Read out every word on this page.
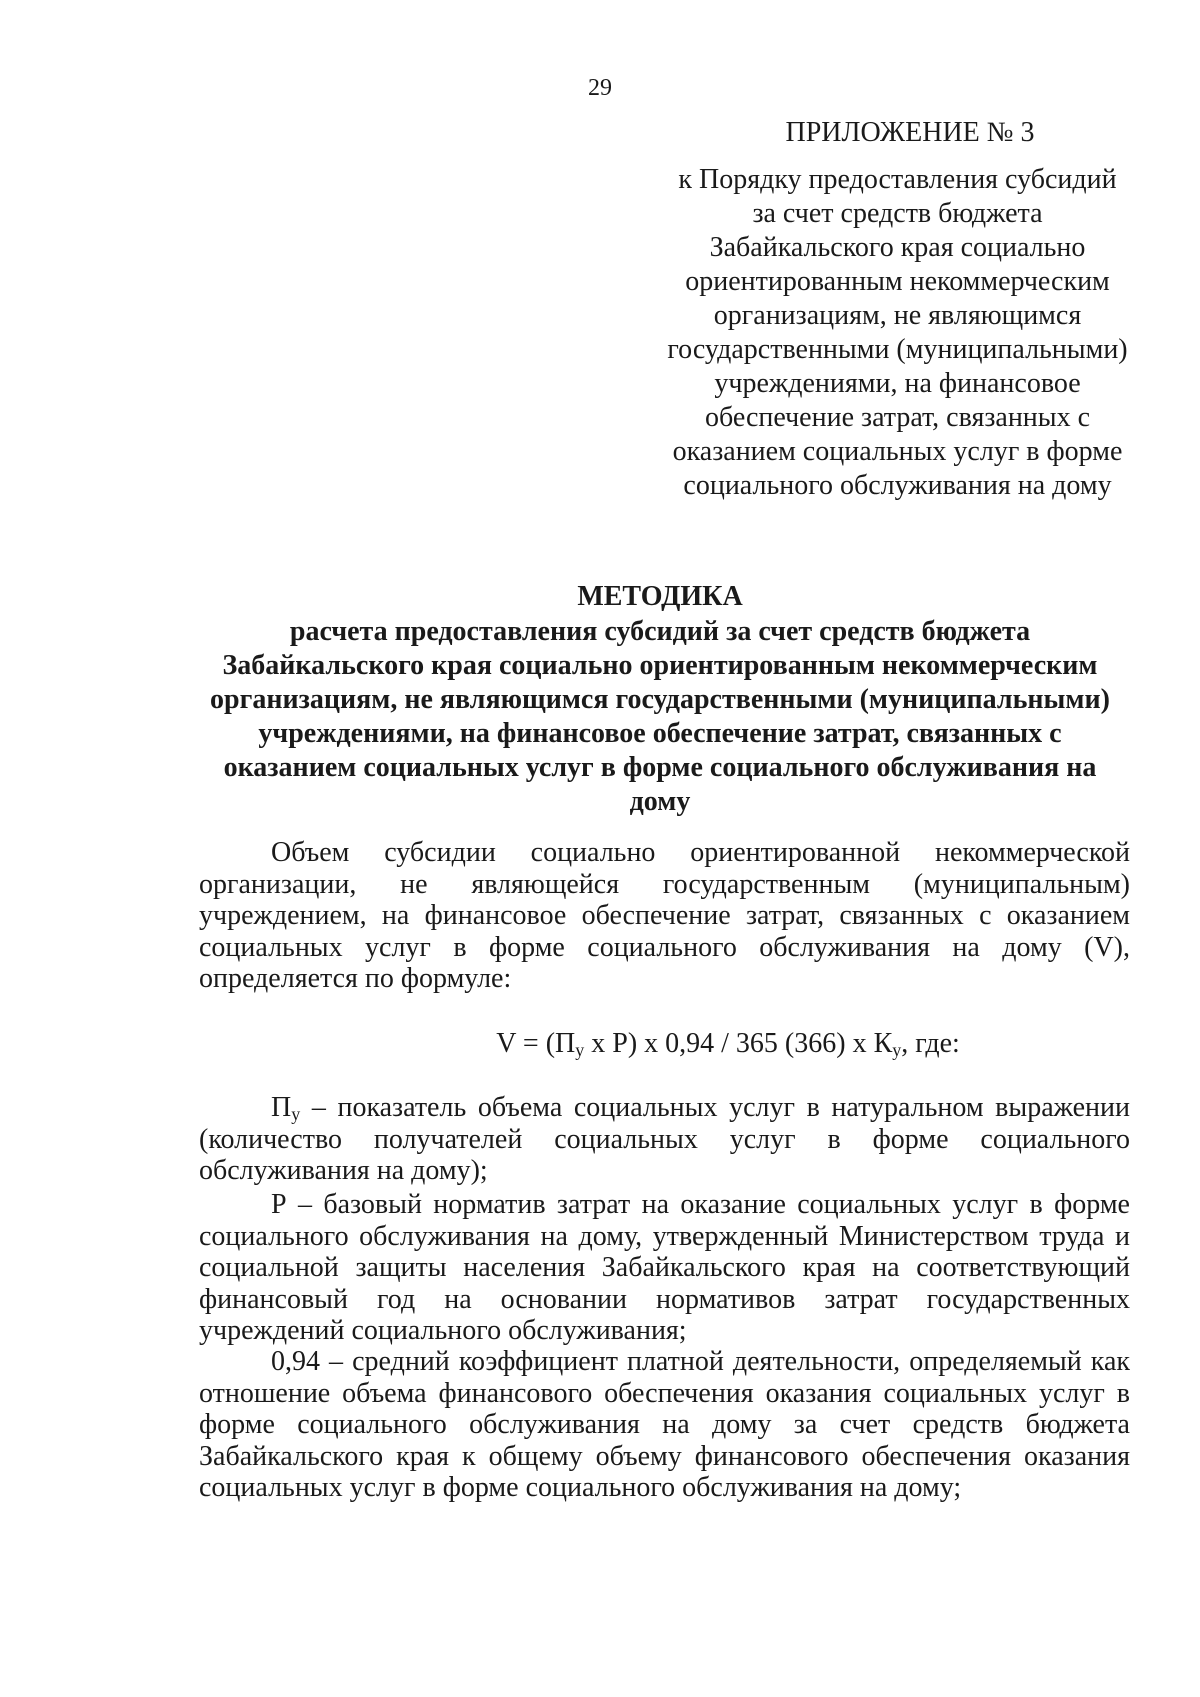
29
ПРИЛОЖЕНИЕ № 3
к Порядку предоставления субсидий
за счет средств бюджета
Забайкальского края социально
ориентированным некоммерческим
организациям, не являющимся
государственными (муниципальными)
учреждениями, на финансовое
обеспечение затрат, связанных с
оказанием социальных услуг в форме
социального обслуживания на дому
МЕТОДИКА
расчета предоставления субсидий за счет средств бюджета
Забайкальского края социально ориентированным некоммерческим
организациям, не являющимся государственными (муниципальными)
учреждениями, на финансовое обеспечение затрат, связанных с
оказанием социальных услуг в форме социального обслуживания на
дому
Объем субсидии социально ориентированной некоммерческой
организации, не являющейся государственным (муниципальным)
учреждением, на финансовое обеспечение затрат, связанных с оказанием
социальных услуг в форме социального обслуживания на дому (V),
определяется по формуле:
$V = (П_у$ х Р) х 0,94 / 365 (366) х $К_у$, где:
$П_у$ – показатель объема социальных услуг в натуральном выражении
(количество получателей социальных услуг в форме социального
обслуживания на дому);
Р – базовый норматив затрат на оказание социальных услуг в форме
социального обслуживания на дому, утвержденный Министерством труда и
социальной защиты населения Забайкальского края на соответствующий
финансовый год на основании нормативов затрат государственных
учреждений социального обслуживания;
0,94 – средний коэффициент платной деятельности, определяемый как
отношение объема финансового обеспечения оказания социальных услуг в
форме социального обслуживания на дому за счет средств бюджета
Забайкальского края к общему объему финансового обеспечения оказания
социальных услуг в форме социального обслуживания на дому;
